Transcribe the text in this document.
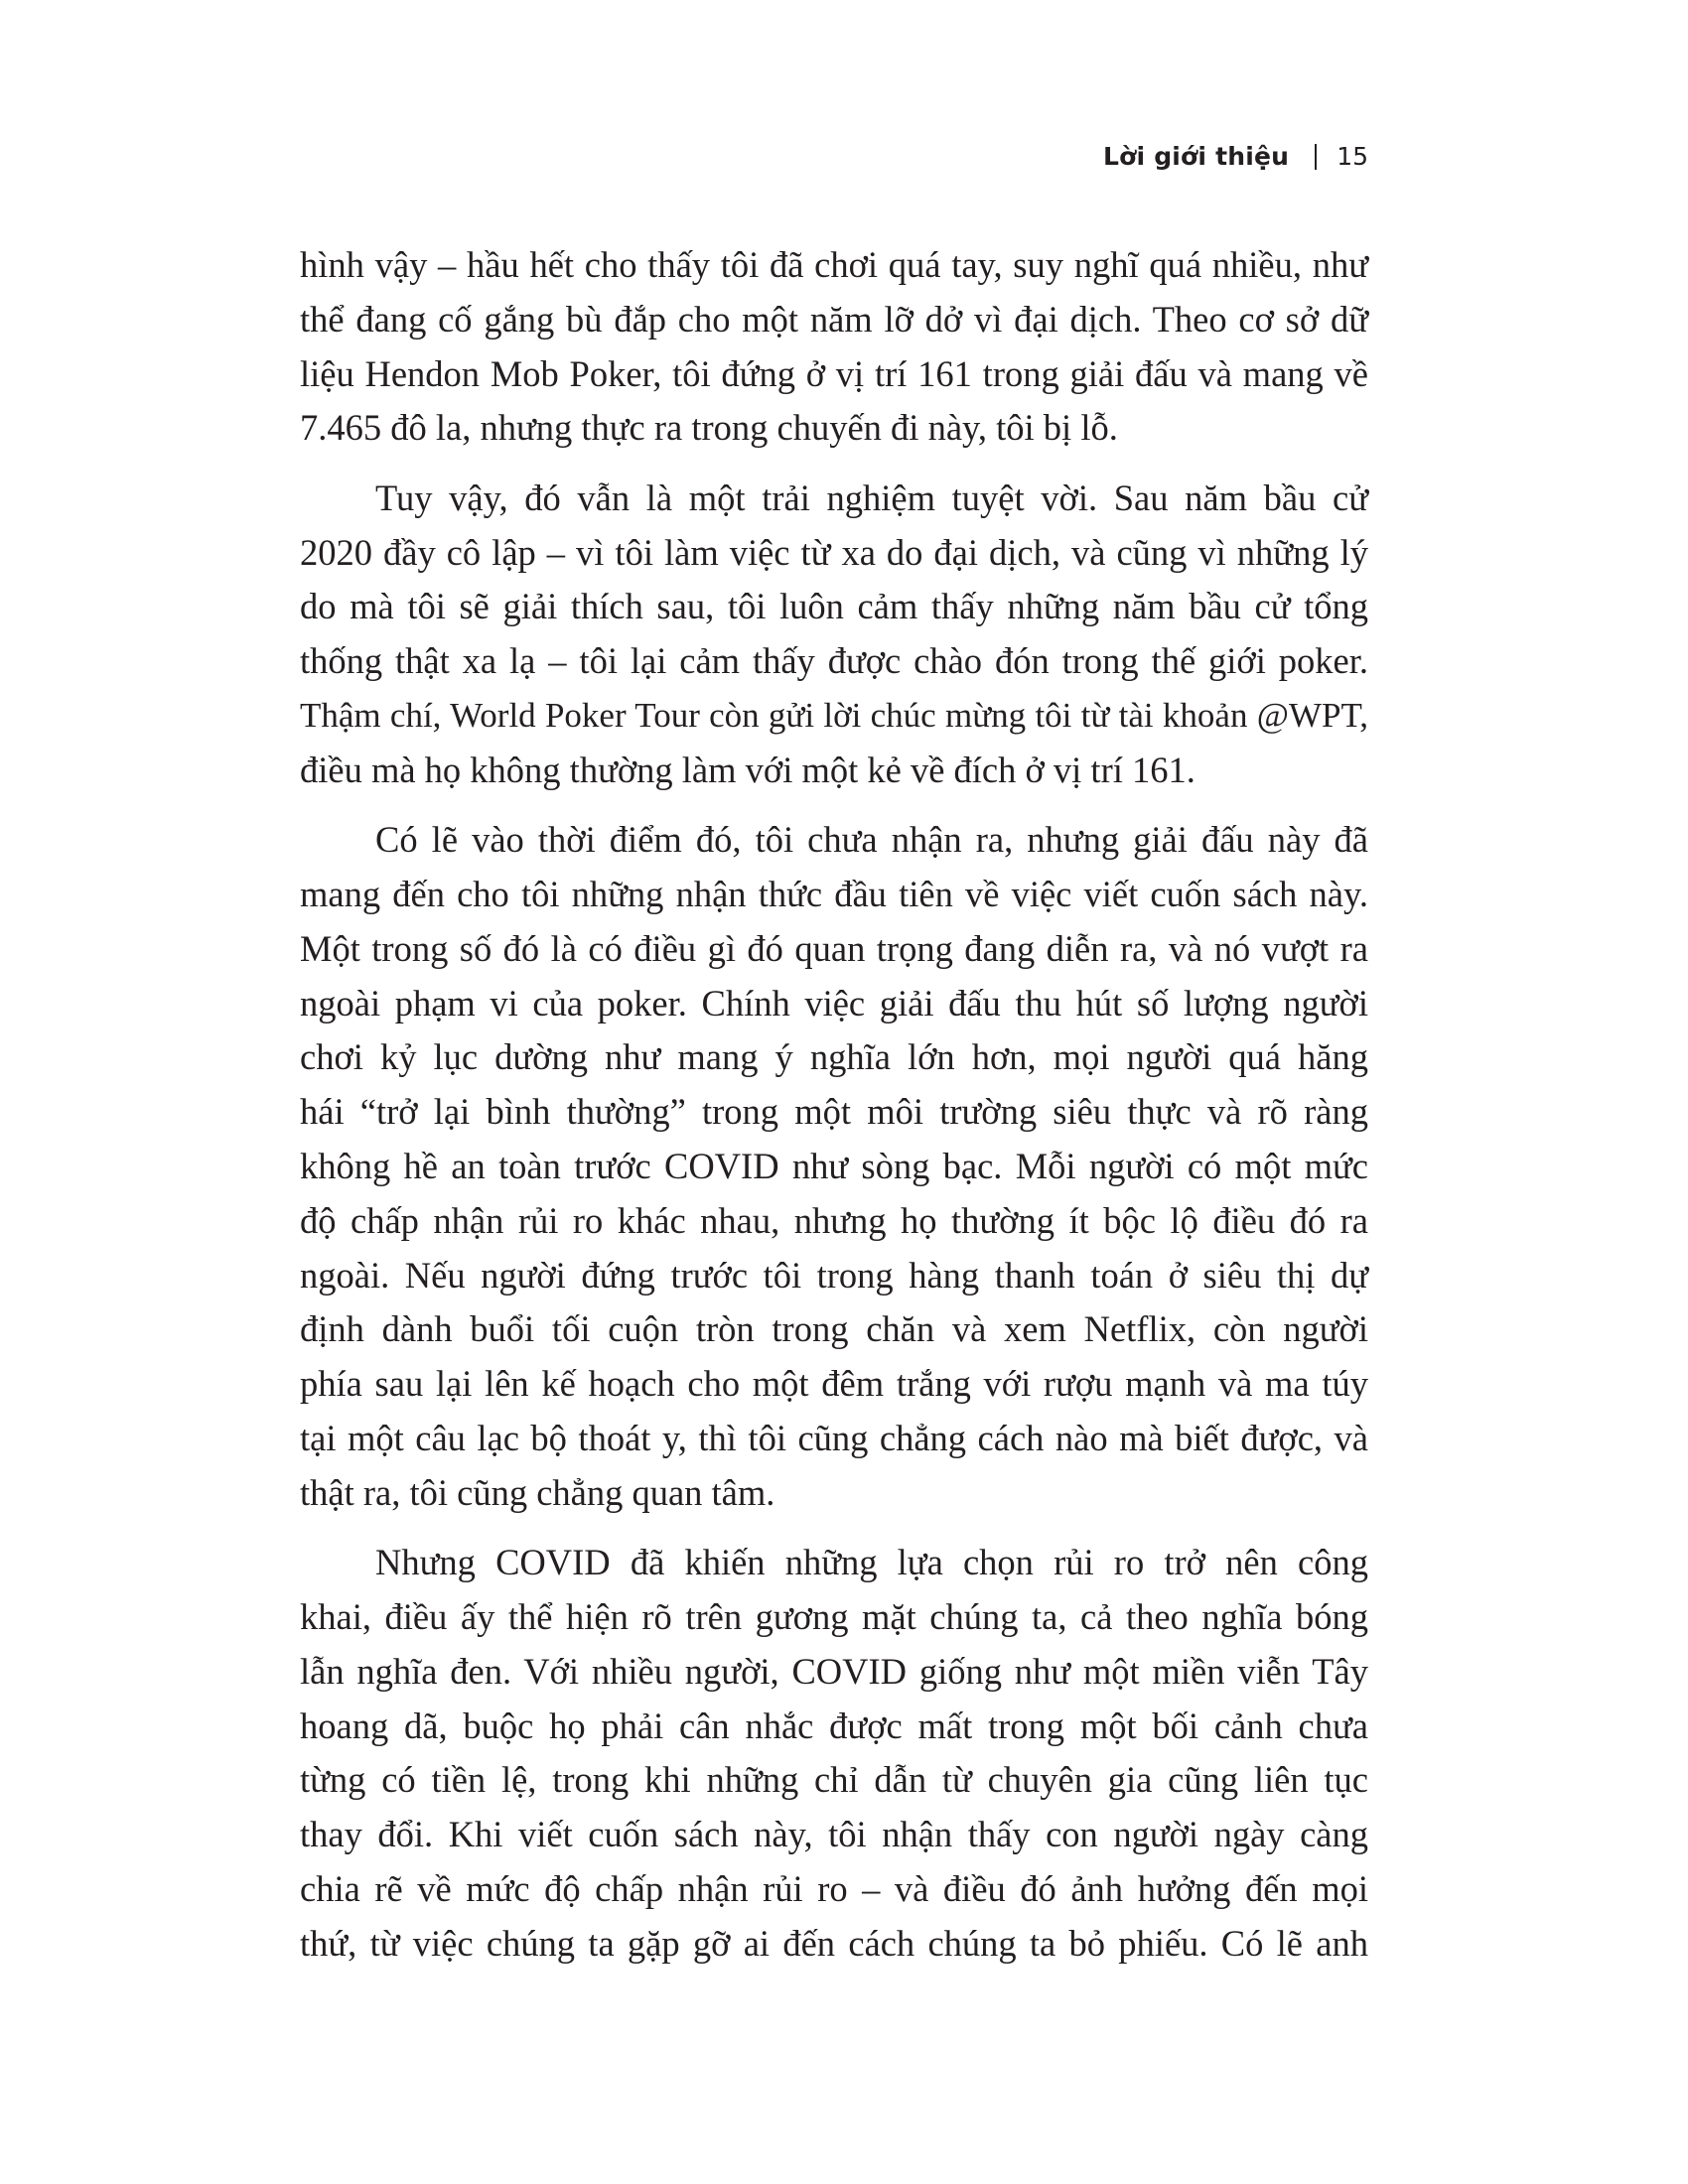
Lời giới thiệu 15
hình vậy – hầu hết cho thấy tôi đã chơi quá tay, suy nghĩ quá nhiều, như
thể đang cố gắng bù đắp cho một năm lỡ dở vì đại dịch. Theo cơ sở dữ
liệu Hendon Mob Poker, tôi đứng ở vị trí 161 trong giải đấu và mang về
7.465 đô la, nhưng thực ra trong chuyến đi này, tôi bị lỗ.
Tuy vậy, đó vẫn là một trải nghiệm tuyệt vời. Sau năm bầu cử
2020 đầy cô lập – vì tôi làm việc từ xa do đại dịch, và cũng vì những lý
do mà tôi sẽ giải thích sau, tôi luôn cảm thấy những năm bầu cử tổng
thống thật xa lạ – tôi lại cảm thấy được chào đón trong thế giới poker.
Thậm chí, World Poker Tour còn gửi lời chúc mừng tôi từ tài khoản @WPT,
điều mà họ không thường làm với một kẻ về đích ở vị trí 161.
Có lẽ vào thời điểm đó, tôi chưa nhận ra, nhưng giải đấu này đã
mang đến cho tôi những nhận thức đầu tiên về việc viết cuốn sách này.
Một trong số đó là có điều gì đó quan trọng đang diễn ra, và nó vượt ra
ngoài phạm vi của poker. Chính việc giải đấu thu hút số lượng người
chơi kỷ lục dường như mang ý nghĩa lớn hơn, mọi người quá hăng
hái “trở lại bình thường” trong một môi trường siêu thực và rõ ràng
không hề an toàn trước COVID như sòng bạc. Mỗi người có một mức
độ chấp nhận rủi ro khác nhau, nhưng họ thường ít bộc lộ điều đó ra
ngoài. Nếu người đứng trước tôi trong hàng thanh toán ở siêu thị dự
định dành buổi tối cuộn tròn trong chăn và xem Netflix, còn người
phía sau lại lên kế hoạch cho một đêm trắng với rượu mạnh và ma túy
tại một câu lạc bộ thoát y, thì tôi cũng chẳng cách nào mà biết được, và
thật ra, tôi cũng chẳng quan tâm.
Nhưng COVID đã khiến những lựa chọn rủi ro trở nên công
khai, điều ấy thể hiện rõ trên gương mặt chúng ta, cả theo nghĩa bóng
lẫn nghĩa đen. Với nhiều người, COVID giống như một miền viễn Tây
hoang dã, buộc họ phải cân nhắc được mất trong một bối cảnh chưa
từng có tiền lệ, trong khi những chỉ dẫn từ chuyên gia cũng liên tục
thay đổi. Khi viết cuốn sách này, tôi nhận thấy con người ngày càng
chia rẽ về mức độ chấp nhận rủi ro – và điều đó ảnh hưởng đến mọi
thứ, từ việc chúng ta gặp gỡ ai đến cách chúng ta bỏ phiếu. Có lẽ anh
